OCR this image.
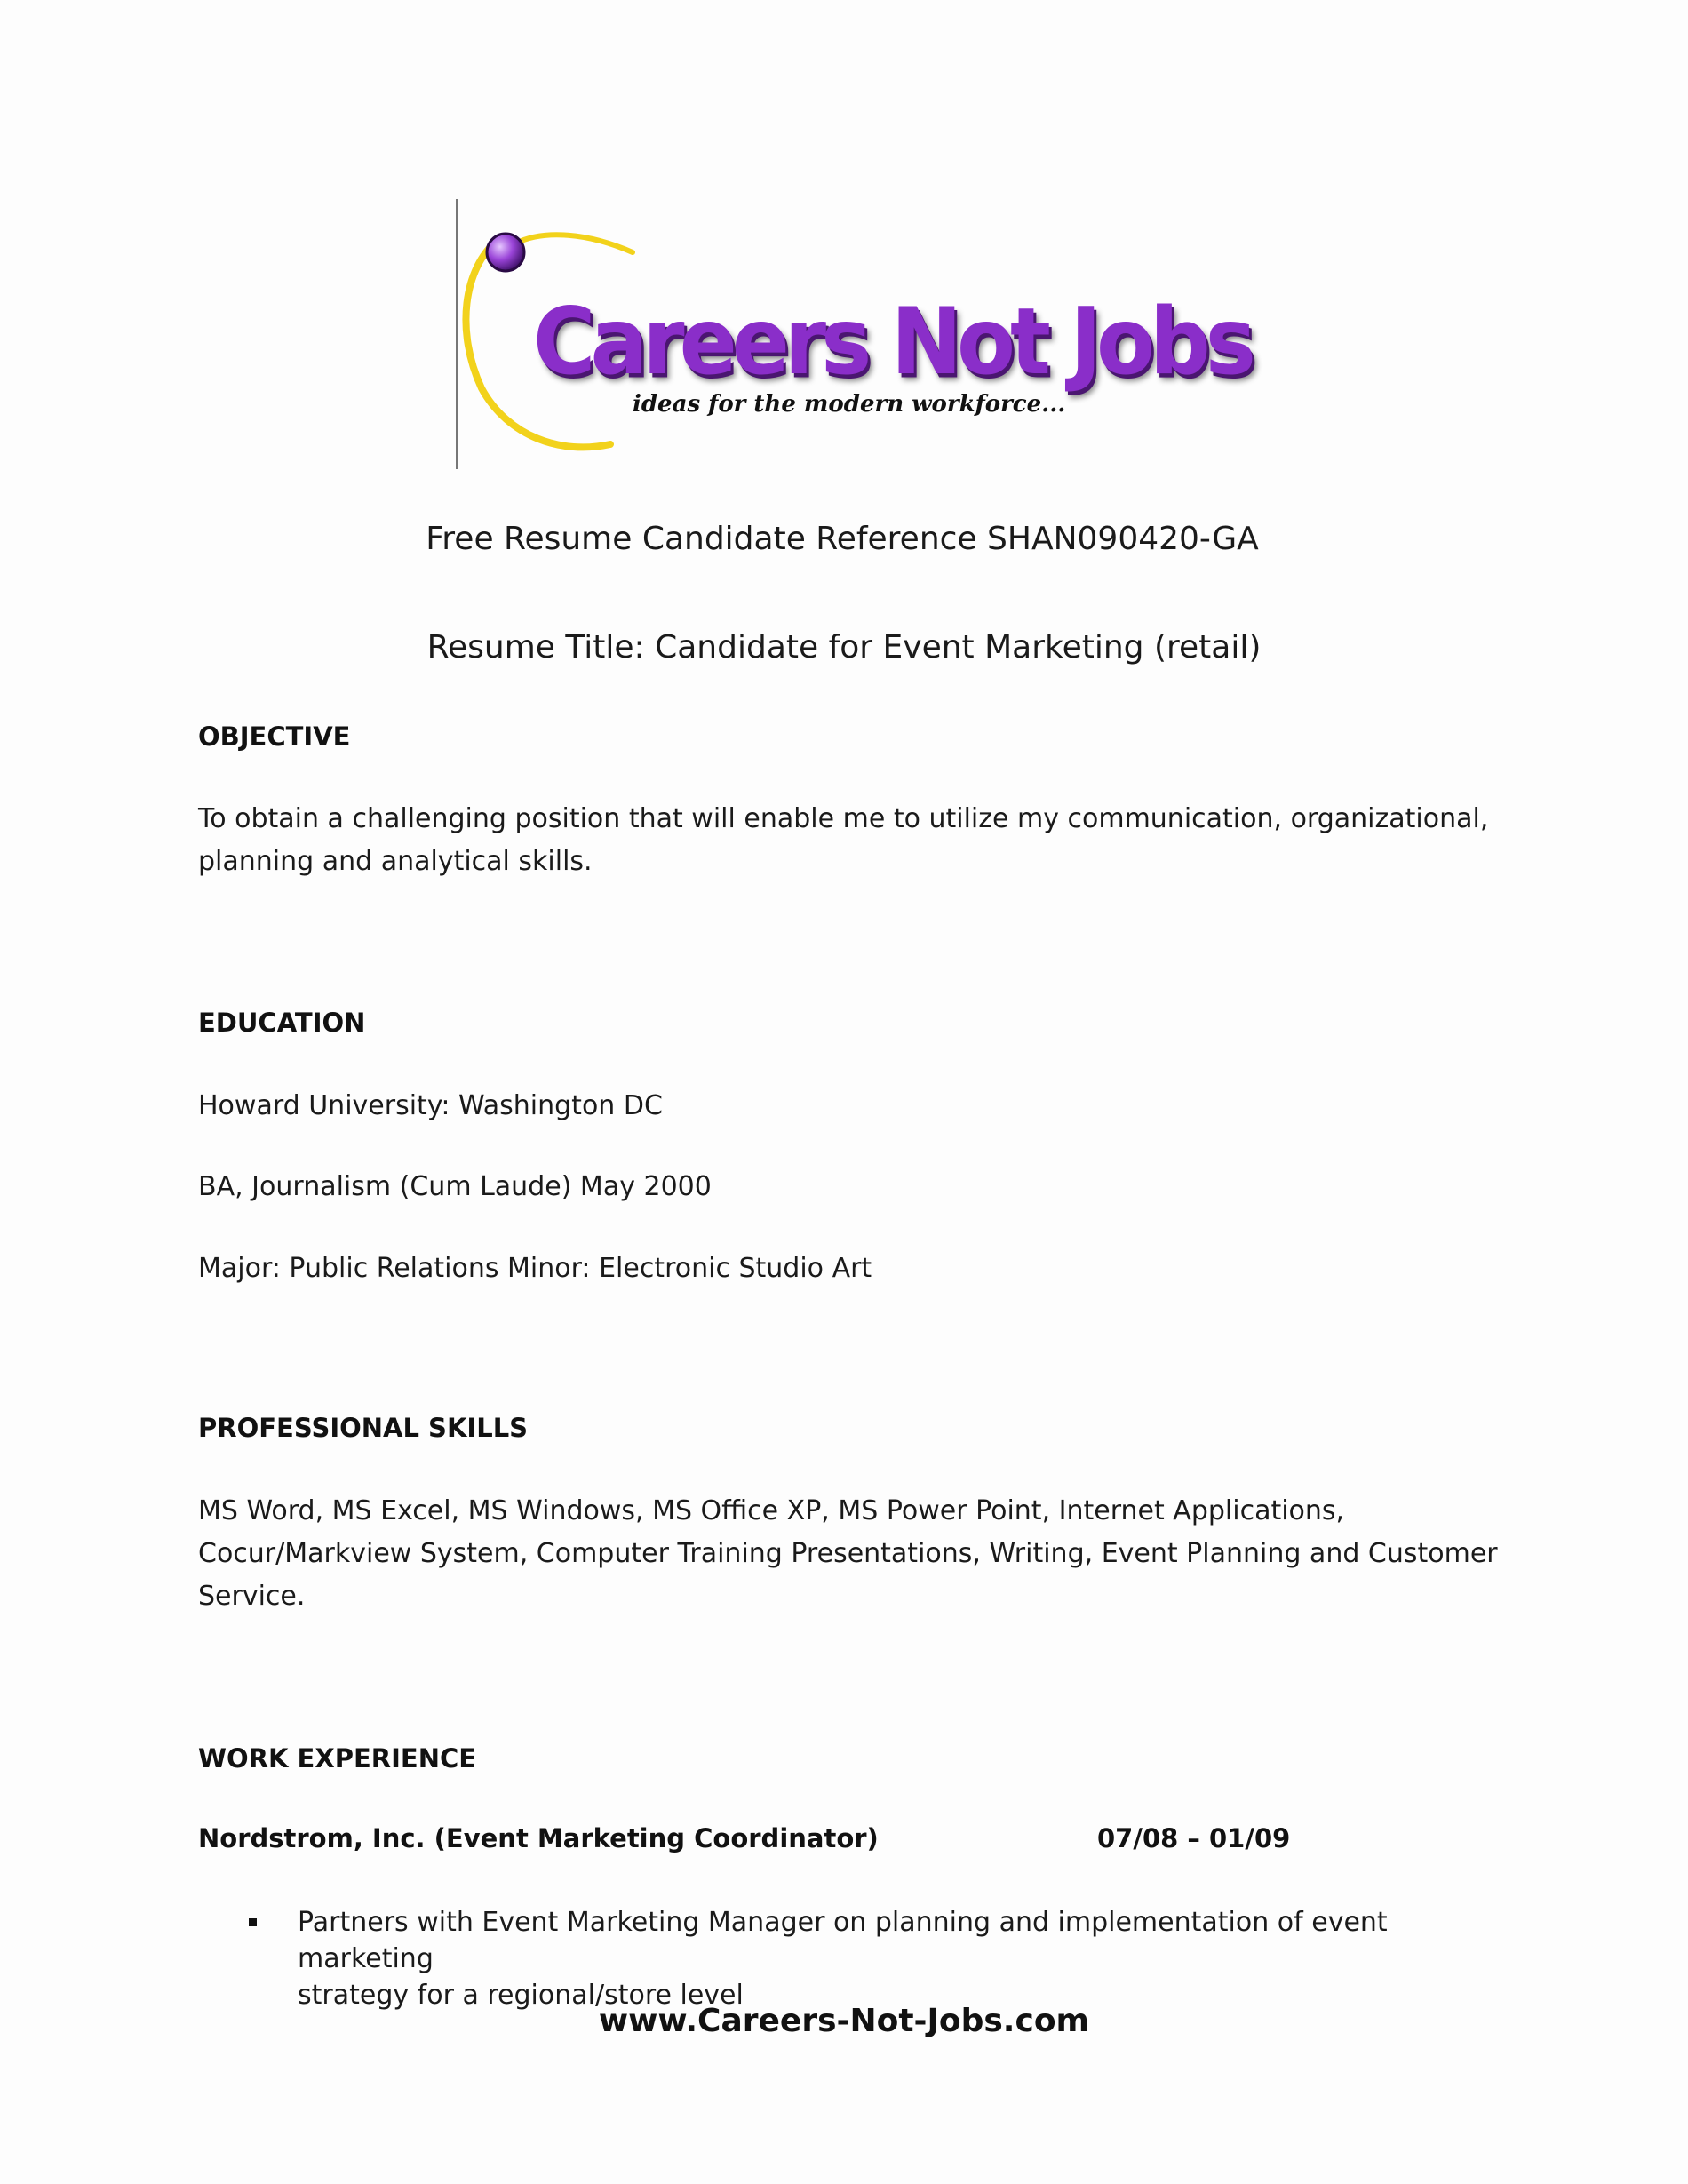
Careers Not Jobs
ideas for the modern workforce...
Free Resume Candidate Reference SHAN090420-GA
Resume Title: Candidate for Event Marketing (retail)
OBJECTIVE
To obtain a challenging position that will enable me to utilize my communication, organizational,
planning and analytical skills.
EDUCATION
Howard University: Washington DC
BA, Journalism (Cum Laude) May 2000
Major: Public Relations Minor: Electronic Studio Art
PROFESSIONAL SKILLS
MS Word, MS Excel, MS Windows, MS Office XP, MS Power Point, Internet Applications,
Cocur/Markview System, Computer Training Presentations, Writing, Event Planning and Customer
Service.
WORK EXPERIENCE
Nordstrom, Inc. (Event Marketing Coordinator)	07/08 – 01/09
Partners with Event Marketing Manager on planning and implementation of event marketing
strategy for a regional/store level
www.Careers-Not-Jobs.com
